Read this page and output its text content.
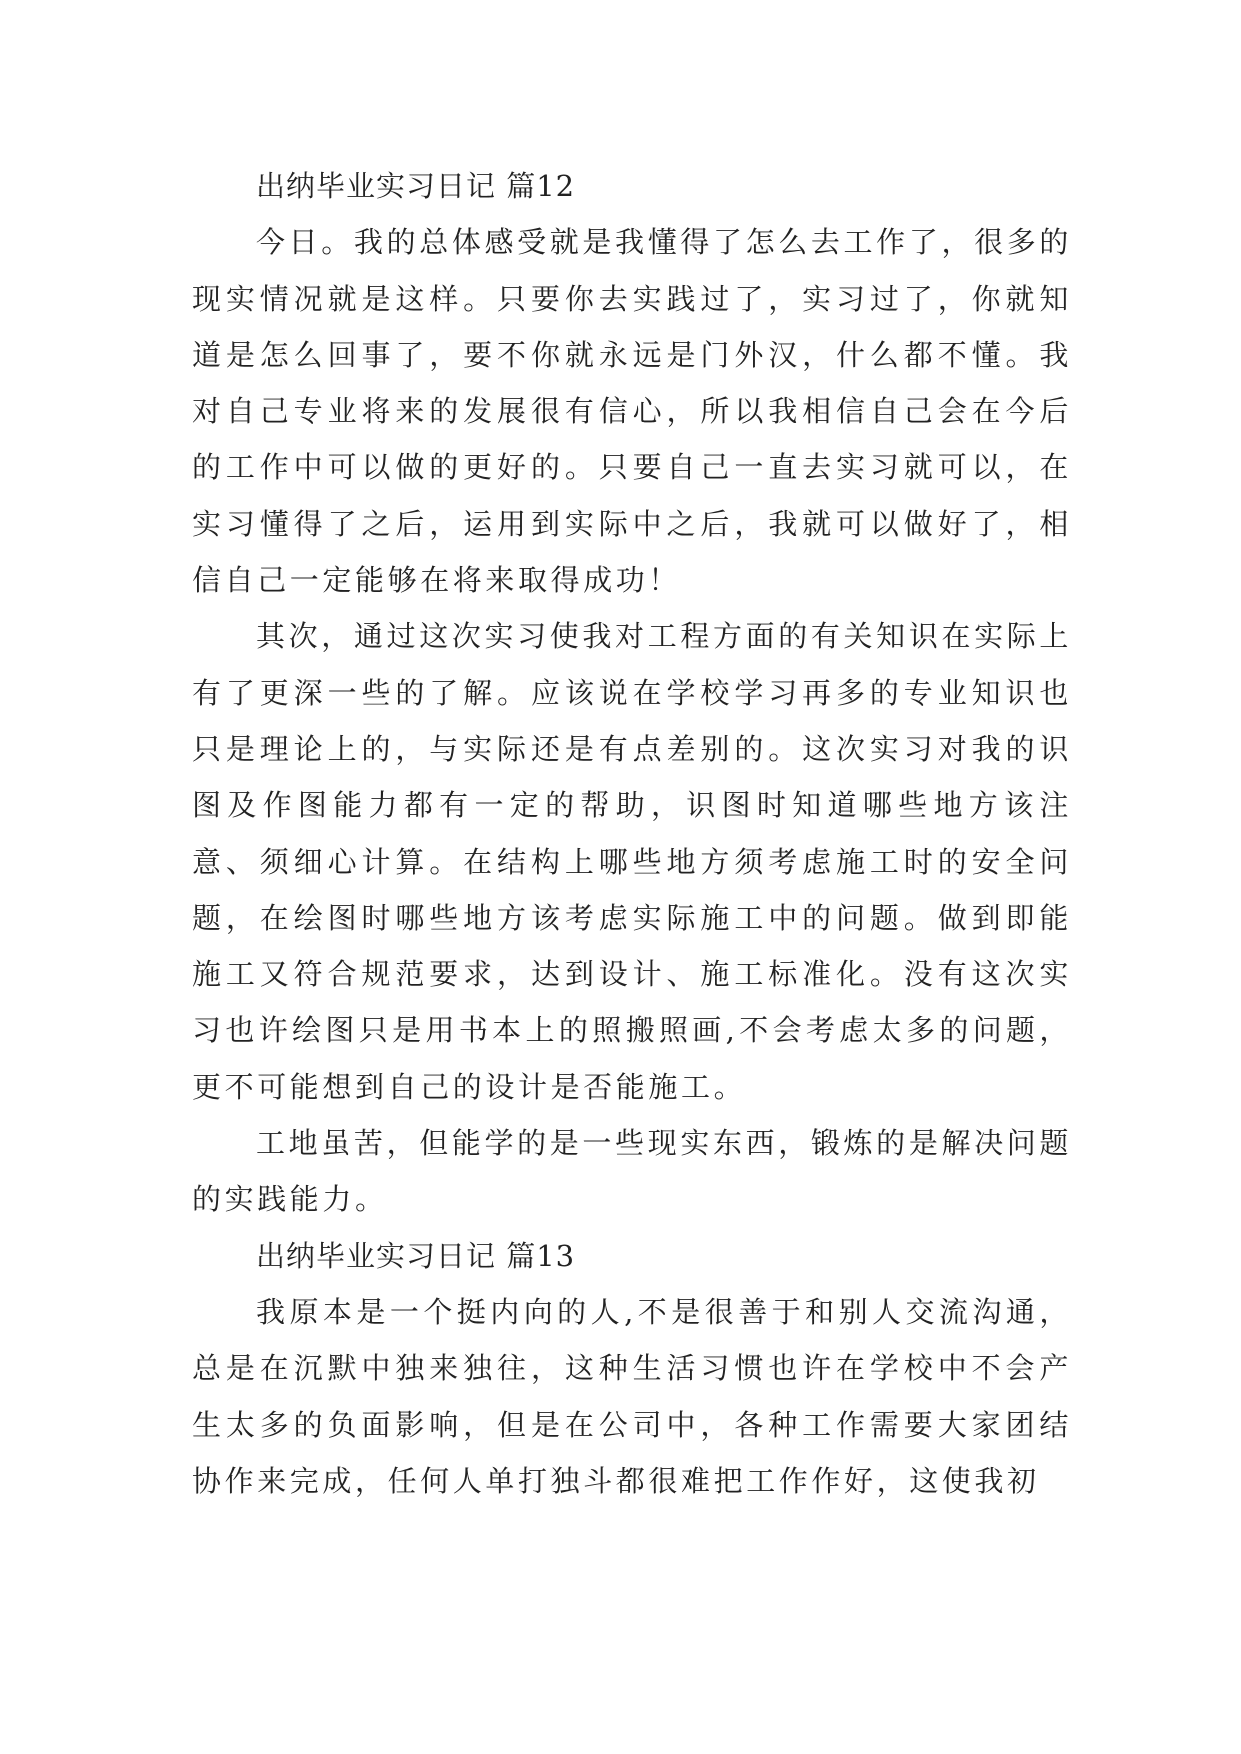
出纳毕业实习日记 篇12

今日。我的总体感受就是我懂得了怎么去工作了，很多的现实情况就是这样。只要你去实践过了，实习过了，你就知道是怎么回事了，要不你就永远是门外汉，什么都不懂。我对自己专业将来的发展很有信心，所以我相信自己会在今后的工作中可以做的更好的。只要自己一直去实习就可以，在实习懂得了之后，运用到实际中之后，我就可以做好了，相信自己一定能够在将来取得成功！

其次，通过这次实习使我对工程方面的有关知识在实际上有了更深一些的了解。应该说在学校学习再多的专业知识也只是理论上的，与实际还是有点差别的。这次实习对我的识图及作图能力都有一定的帮助，识图时知道哪些地方该注意、须细心计算。在结构上哪些地方须考虑施工时的安全问题，在绘图时哪些地方该考虑实际施工中的问题。做到即能施工又符合规范要求，达到设计、施工标准化。没有这次实习也许绘图只是用书本上的照搬照画,不会考虑太多的问题，更不可能想到自己的设计是否能施工。

工地虽苦，但能学的是一些现实东西，锻炼的是解决问题的实践能力。

出纳毕业实习日记 篇13

我原本是一个挺内向的人,不是很善于和别人交流沟通，总是在沉默中独来独往，这种生活习惯也许在学校中不会产生太多的负面影响，但是在公司中，各种工作需要大家团结协作来完成，任何人单打独斗都很难把工作作好，这使我初
